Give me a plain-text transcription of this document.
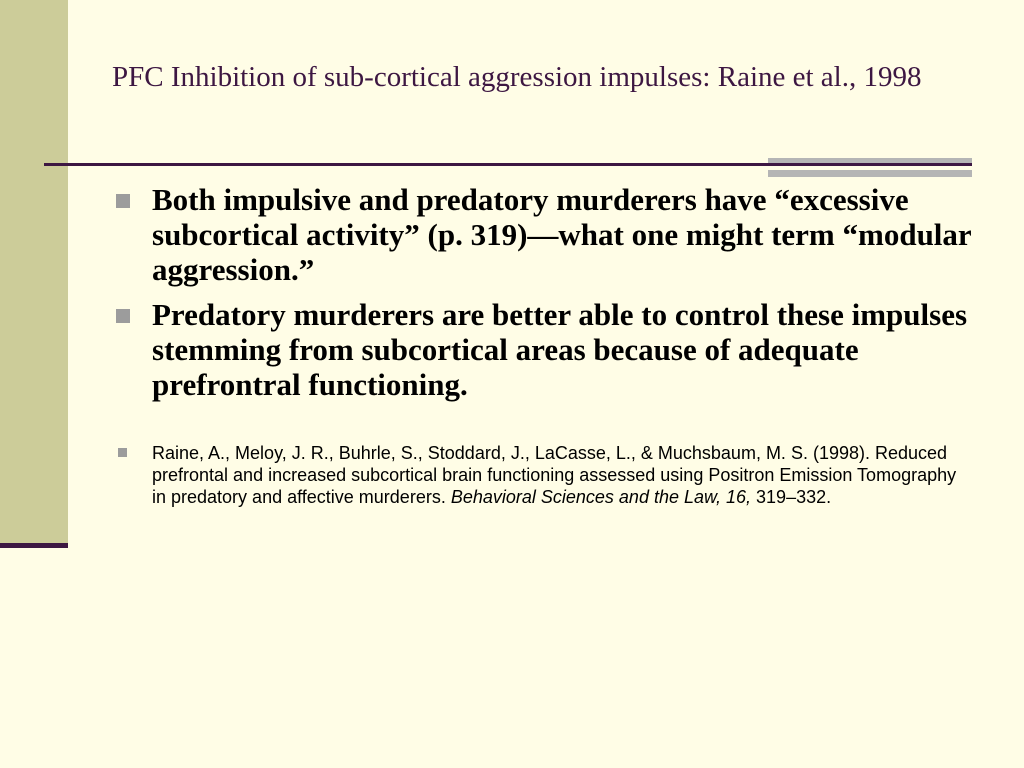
PFC Inhibition of sub-cortical aggression impulses: Raine et al., 1998
Both impulsive and predatory murderers have “excessive subcortical activity” (p. 319)—what one might term “modular aggression.”
Predatory murderers are better able to control these impulses stemming from subcortical areas because of adequate prefrontral functioning.
Raine, A., Meloy, J. R., Buhrle, S., Stoddard, J., LaCasse, L., & Muchsbaum, M. S. (1998). Reduced prefrontal and increased subcortical brain functioning assessed using Positron Emission Tomography in predatory and affective murderers. Behavioral Sciences and the Law, 16, 319–332.
